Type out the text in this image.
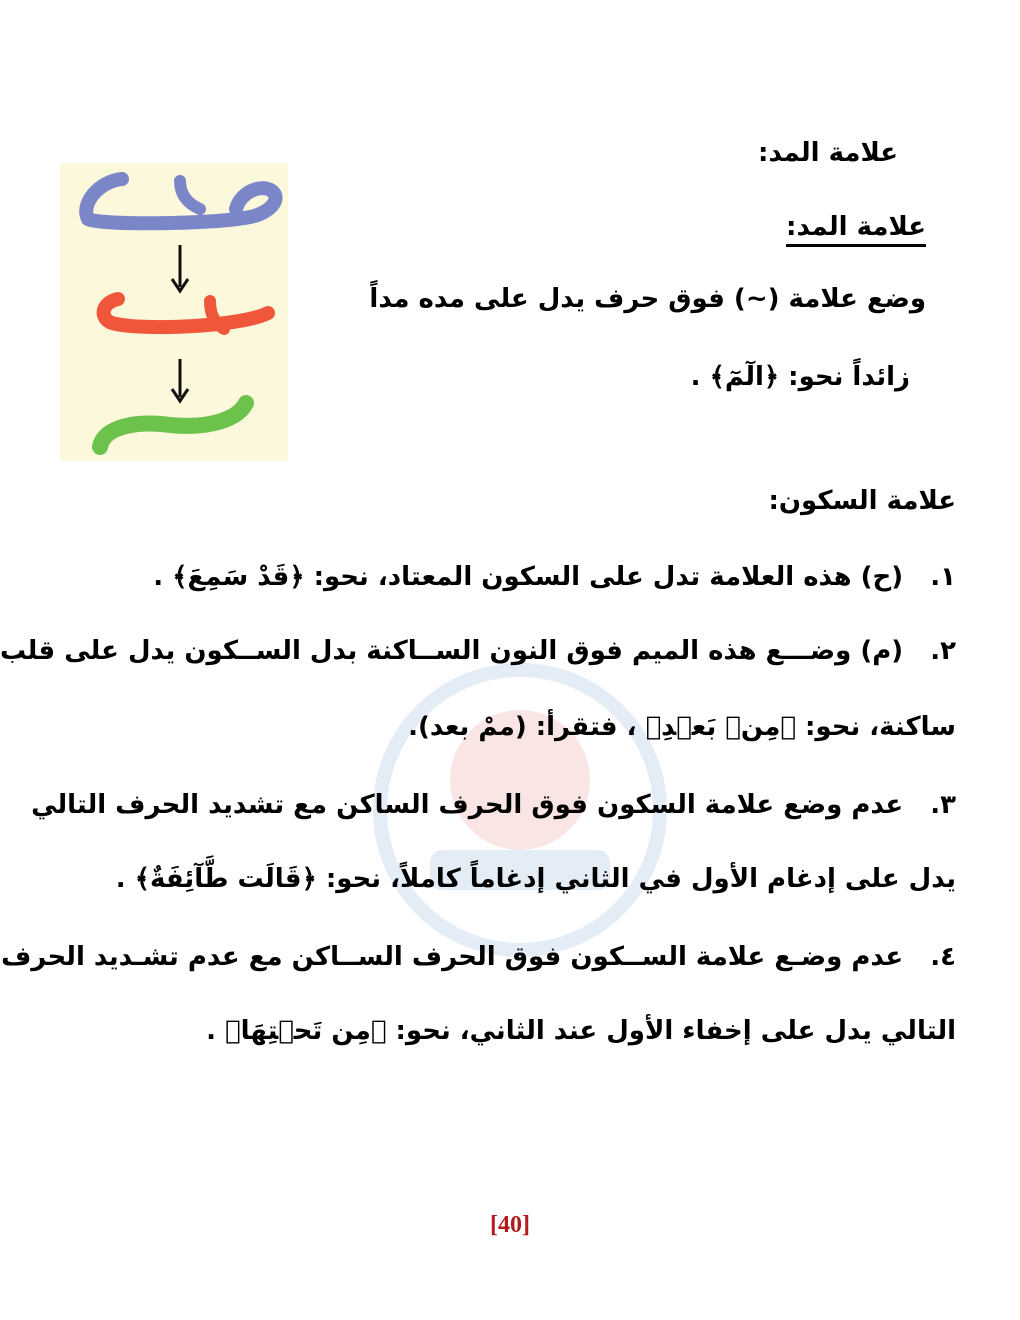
علامة المد:
علامة المد:
وضع علامة (~) فوق حرف يدل على مده مداً
زائداً نحو: ﴿الٓمٓ﴾ .
علامة السكون:
١. (ح) هذه العلامة تدل على السكون المعتاد، نحو: ﴿قَدْ سَمِعَ﴾ .
٢. (م) وضـــع هذه الميم فوق النون الســاكنة بدل الســكون يدل على قلب
ساكنة، نحو: ﴿مِنۢ بَعۡدِ﴾ ، فتقرأ: (ممْ بعد).
٣. عدم وضع علامة السكون فوق الحرف الساكن مع تشديد الحرف التالي
يدل على إدغام الأول في الثاني إدغاماً كاملاً، نحو: ﴿قَالَت طَّآئِفَةٌ﴾ .
٤. عدم وضـع علامة الســكون فوق الحرف الســاكن مع عدم تشـديد الحرف
التالي يدل على إخفاء الأول عند الثاني، نحو: ﴿مِن تَحۡتِهَا﴾ .
[40]
